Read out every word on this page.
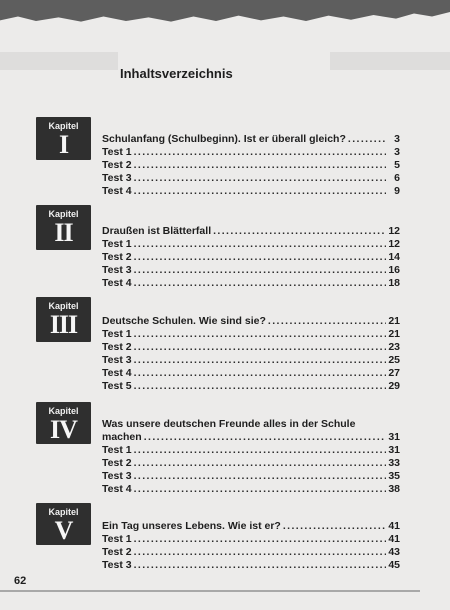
Inhaltsverzeichnis
Kapitel
I	Schulanfang (Schulbeginn). Ist er überall gleich? .....	3
Test 1 .....	3
Test 2 .....	5
Test 3 .....	6
Test 4 .....	9
Kapitel
II	Draußen ist Blätterfall .....	12
Test 1 .....	12
Test 2 .....	14
Test 3 .....	16
Test 4 .....	18
Kapitel
III	Deutsche Schulen. Wie sind sie? .....	21
Test 1 .....	21
Test 2 .....	23
Test 3 .....	25
Test 4 .....	27
Test 5 .....	29
Kapitel
IV	Was unsere deutschen Freunde alles in der Schule
machen .....	31
Test 1 .....	31
Test 2 .....	33
Test 3 .....	35
Test 4 .....	38
Kapitel
V	Ein Tag unseres Lebens. Wie ist er? .....	41
Test 1 .....	41
Test 2 .....	43
Test 3 .....	45
62
